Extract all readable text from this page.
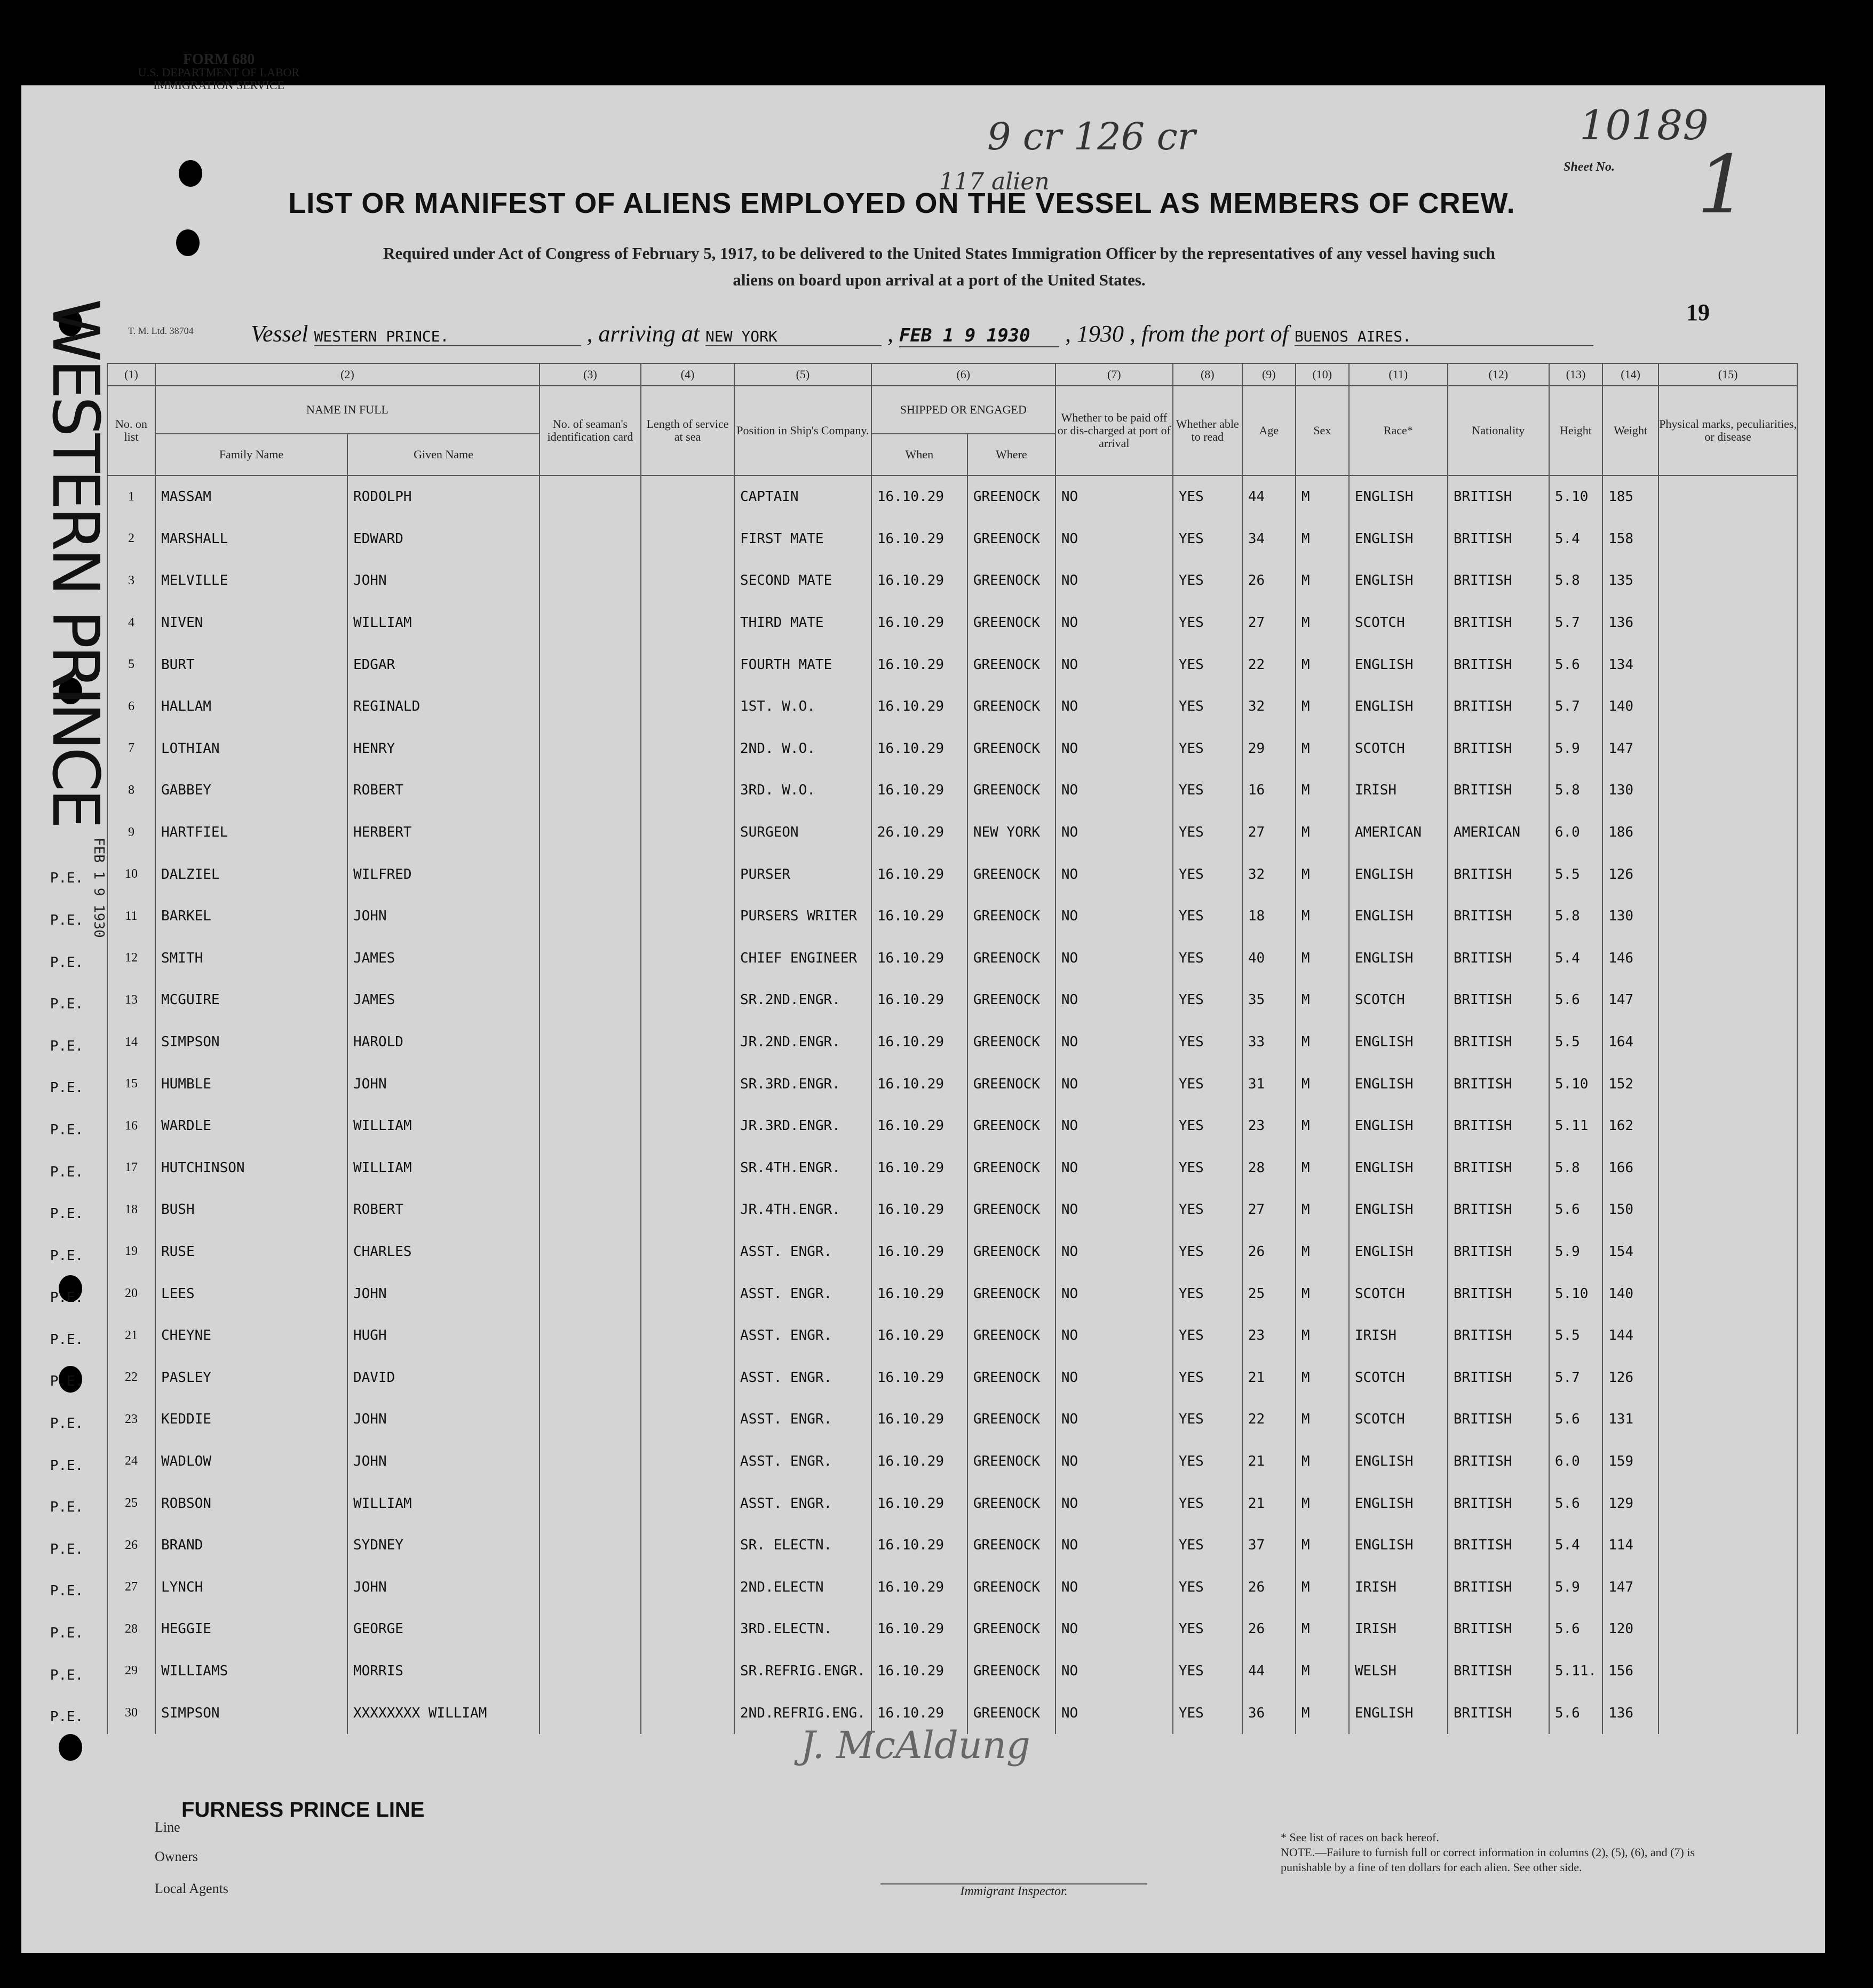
FORM 680
U.S. DEPARTMENT OF LABOR
IMMIGRATION SERVICE
9 cr 126 cr
117 alien
10189
Sheet No. 1
LIST OR MANIFEST OF ALIENS EMPLOYED ON THE VESSEL AS MEMBERS OF CREW.
Required under Act of Congress of February 5, 1917, to be delivered to the United States Immigration Officer by the representatives of any vessel having such
aliens on board upon arrival at a port of the United States.
T. M. Ltd. 38704
19
Vessel WESTERN PRINCE.	, arriving at NEW YORK	, FEB 1 9 1930 , 1930 , from the port of BUENOS AIRES.
WESTERN PRINCE
FEB 1 9 1930
P.E.
P.E.
P.E.
P.E.
P.E.
P.E.
P.E.
P.E.
P.E.
P.E.
P.E.
P.E.
P.E.
P.E.
P.E.
P.E.
P.E.
P.E.
P.E.
P.E.
P.E.
(1)	(2)		(3)	(4)	(5)	(6)		(7)	(8)	(9)	(10)	(11)	(12)	(13)	(14)	(15)
No. on list	NAME IN FULL		No. of seaman's identification card	Length of service at sea	Position in Ship's Company.	SHIPPED OR ENGAGED		Whether to be paid off or dis-charged at port of arrival	Whether able to read	Age	Sex	Race*	Nationality	Height	Weight	Physical marks, peculiarities, or disease
	Family Name	Given Name				When	Where									
1	MASSAM	RODOLPH			CAPTAIN	16.10.29	GREENOCK	NO	YES	44	M	ENGLISH	BRITISH	5.10	185	
2	MARSHALL	EDWARD			FIRST MATE	16.10.29	GREENOCK	NO	YES	34	M	ENGLISH	BRITISH	5.4	158	
3	MELVILLE	JOHN			SECOND MATE	16.10.29	GREENOCK	NO	YES	26	M	ENGLISH	BRITISH	5.8	135	
4	NIVEN	WILLIAM			THIRD MATE	16.10.29	GREENOCK	NO	YES	27	M	SCOTCH	BRITISH	5.7	136	
5	BURT	EDGAR			FOURTH MATE	16.10.29	GREENOCK	NO	YES	22	M	ENGLISH	BRITISH	5.6	134	
6	HALLAM	REGINALD			1ST. W.O.	16.10.29	GREENOCK	NO	YES	32	M	ENGLISH	BRITISH	5.7	140	
7	LOTHIAN	HENRY			2ND. W.O.	16.10.29	GREENOCK	NO	YES	29	M	SCOTCH	BRITISH	5.9	147	
8	GABBEY	ROBERT			3RD. W.O.	16.10.29	GREENOCK	NO	YES	16	M	IRISH	BRITISH	5.8	130	
9	HARTFIEL	HERBERT			SURGEON	26.10.29	NEW YORK	NO	YES	27	M	AMERICAN	AMERICAN	6.0	186	
10	DALZIEL	WILFRED			PURSER	16.10.29	GREENOCK	NO	YES	32	M	ENGLISH	BRITISH	5.5	126	
11	BARKEL	JOHN			PURSERS WRITER	16.10.29	GREENOCK	NO	YES	18	M	ENGLISH	BRITISH	5.8	130	
12	SMITH	JAMES			CHIEF ENGINEER	16.10.29	GREENOCK	NO	YES	40	M	ENGLISH	BRITISH	5.4	146	
13	MCGUIRE	JAMES			SR.2ND.ENGR.	16.10.29	GREENOCK	NO	YES	35	M	SCOTCH	BRITISH	5.6	147	
14	SIMPSON	HAROLD			JR.2ND.ENGR.	16.10.29	GREENOCK	NO	YES	33	M	ENGLISH	BRITISH	5.5	164	
15	HUMBLE	JOHN			SR.3RD.ENGR.	16.10.29	GREENOCK	NO	YES	31	M	ENGLISH	BRITISH	5.10	152	
16	WARDLE	WILLIAM			JR.3RD.ENGR.	16.10.29	GREENOCK	NO	YES	23	M	ENGLISH	BRITISH	5.11	162	
17	HUTCHINSON	WILLIAM			SR.4TH.ENGR.	16.10.29	GREENOCK	NO	YES	28	M	ENGLISH	BRITISH	5.8	166	
18	BUSH	ROBERT			JR.4TH.ENGR.	16.10.29	GREENOCK	NO	YES	27	M	ENGLISH	BRITISH	5.6	150	
19	RUSE	CHARLES			ASST. ENGR.	16.10.29	GREENOCK	NO	YES	26	M	ENGLISH	BRITISH	5.9	154	
20	LEES	JOHN			ASST. ENGR.	16.10.29	GREENOCK	NO	YES	25	M	SCOTCH	BRITISH	5.10	140	
21	CHEYNE	HUGH			ASST. ENGR.	16.10.29	GREENOCK	NO	YES	23	M	IRISH	BRITISH	5.5	144	
22	PASLEY	DAVID			ASST. ENGR.	16.10.29	GREENOCK	NO	YES	21	M	SCOTCH	BRITISH	5.7	126	
23	KEDDIE	JOHN			ASST. ENGR.	16.10.29	GREENOCK	NO	YES	22	M	SCOTCH	BRITISH	5.6	131	
24	WADLOW	JOHN			ASST. ENGR.	16.10.29	GREENOCK	NO	YES	21	M	ENGLISH	BRITISH	6.0	159	
25	ROBSON	WILLIAM			ASST. ENGR.	16.10.29	GREENOCK	NO	YES	21	M	ENGLISH	BRITISH	5.6	129	
26	BRAND	SYDNEY			SR. ELECTN.	16.10.29	GREENOCK	NO	YES	37	M	ENGLISH	BRITISH	5.4	114	
27	LYNCH	JOHN			2ND.ELECTN	16.10.29	GREENOCK	NO	YES	26	M	IRISH	BRITISH	5.9	147	
28	HEGGIE	GEORGE			3RD.ELECTN.	16.10.29	GREENOCK	NO	YES	26	M	IRISH	BRITISH	5.6	120	
29	WILLIAMS	MORRIS			SR.REFRIG.ENGR.	16.10.29	GREENOCK	NO	YES	44	M	WELSH	BRITISH	5.11.	156	
30	SIMPSON	XXXXXXXX WILLIAM			2ND.REFRIG.ENG.	16.10.29	GREENOCK	NO	YES	36	M	ENGLISH	BRITISH	5.6	136	
J. McAldung
FURNESS PRINCE LINE
Line
Owners
Local Agents	Immigrant Inspector.
* See list of races on back hereof.
NOTE.—Failure to furnish full or correct information in columns (2), (5), (6), and (7) is punishable by a fine of ten dollars for each alien. See other side.
